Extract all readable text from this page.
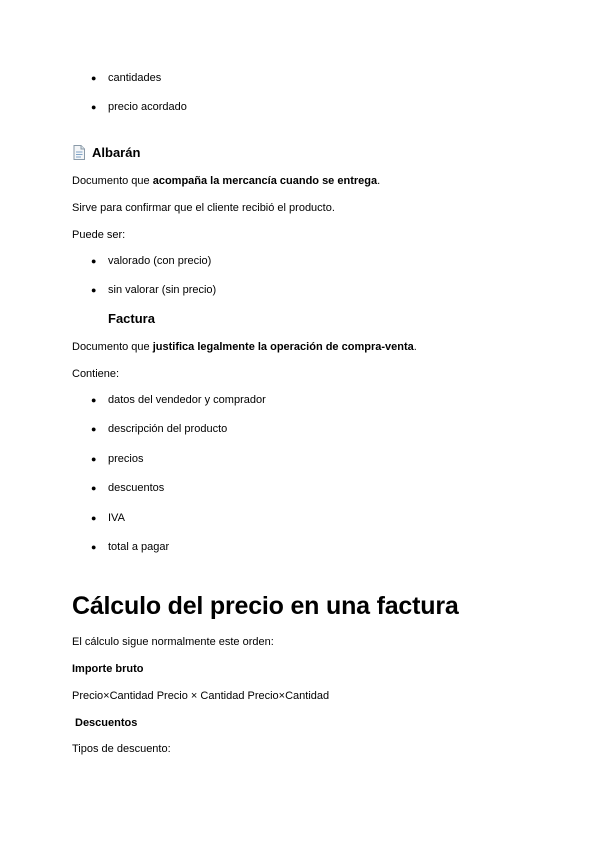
● cantidades
● precio acordado
Albarán
Documento que acompaña la mercancía cuando se entrega.
Sirve para confirmar que el cliente recibió el producto.
Puede ser:
● valorado (con precio)
● sin valorar (sin precio)
Factura
Documento que justifica legalmente la operación de compra-venta.
Contiene:
● datos del vendedor y comprador
● descripción del producto
● precios
● descuentos
● IVA
● total a pagar
Cálculo del precio en una factura
El cálculo sigue normalmente este orden:
Importe bruto
Precio×Cantidad Precio × Cantidad Precio×Cantidad
Descuentos
Tipos de descuento:
